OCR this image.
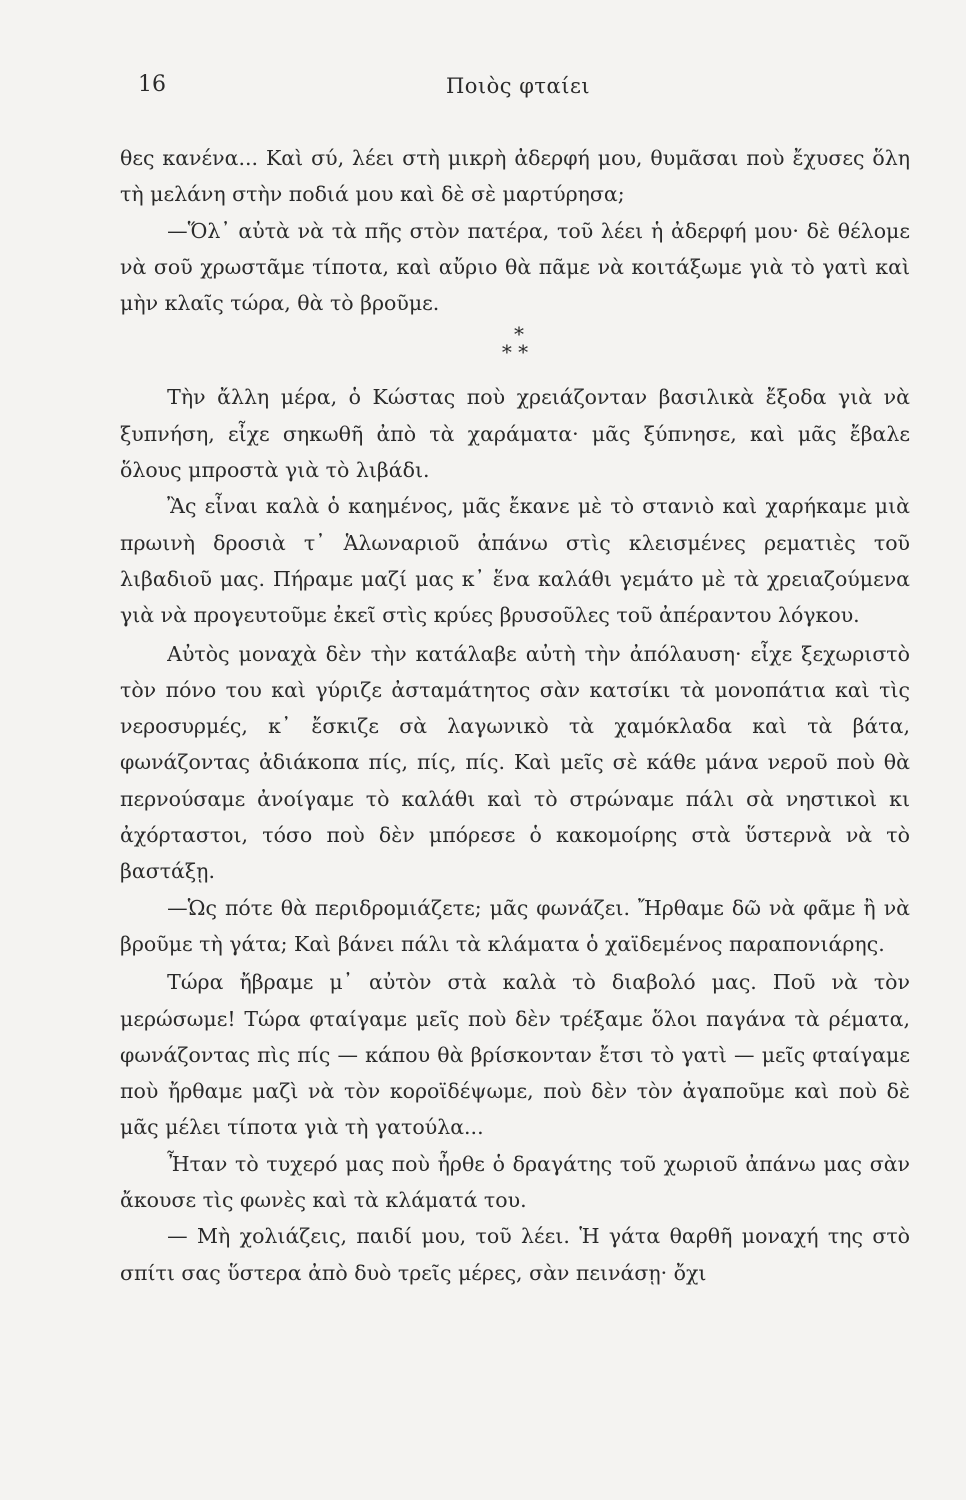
16	Ποιὸς φταίει

θες κανένα... Καὶ σύ, λέει στὴ μικρὴ ἀδερφή μου, θυμᾶσαι ποὺ ἔχυσες ὅλη τὴ μελάνη στὴν ποδιά μου καὶ δὲ σὲ μαρτύρησα;

—Ὅλ᾽ αὐτὰ νὰ τὰ πῆς στὸν πατέρα, τοῦ λέει ἡ ἀδερφή μου· δὲ θέλομε νὰ σοῦ χρωστᾶμε τίποτα, καὶ αὔριο θὰ πᾶμε νὰ κοιτάξωμε γιὰ τὸ γατὶ καὶ μὴν κλαῖς τώρα, θὰ τὸ βροῦμε.

*
* *

Τὴν ἄλλη μέρα, ὁ Κώστας ποὺ χρειάζονταν βασιλικὰ ἔξοδα γιὰ νὰ ξυπνήση, εἶχε σηκωθῆ ἀπὸ τὰ χαράματα· μᾶς ξύπνησε, καὶ μᾶς ἔβαλε ὅλους μπροστὰ γιὰ τὸ λιβάδι.

Ἂς εἶναι καλὰ ὁ καημένος, μᾶς ἔκανε μὲ τὸ στανιὸ καὶ χαρήκαμε μιὰ πρωινὴ δροσιὰ τ᾽ Ἁλωναριοῦ ἀπάνω στὶς κλεισμένες ρεματιὲς τοῦ λιβαδιοῦ μας. Πήραμε μαζί μας κ᾽ ἕνα καλάθι γεμάτο μὲ τὰ χρειαζούμενα γιὰ νὰ προγευτοῦμε ἐκεῖ στὶς κρύες βρυσοῦλες τοῦ ἀπέραντου λόγκου.

Αὐτὸς μοναχὰ δὲν τὴν κατάλαβε αὐτὴ τὴν ἀπόλαυση· εἶχε ξεχωριστὸ τὸν πόνο του καὶ γύριζε ἀσταμάτητος σὰν κατσίκι τὰ μονοπάτια καὶ τὶς νεροσυρμές, κ᾽ ἔσκιζε σὰ λαγωνικὸ τὰ χαμόκλαδα καὶ τὰ βάτα, φωνάζοντας ἀδιάκοπα πίς, πίς, πίς. Καὶ μεῖς σὲ κάθε μάνα νεροῦ ποὺ θὰ περνούσαμε ἀνοίγαμε τὸ καλάθι καὶ τὸ στρώναμε πάλι σὰ νηστικοὶ κι ἀχόρταστοι, τόσο ποὺ δὲν μπόρεσε ὁ κακομοίρης στὰ ὕστερνὰ νὰ τὸ βαστάξῃ.

—Ὡς πότε θὰ περιδρομιάζετε; μᾶς φωνάζει. Ἤρθαμε δῶ νὰ φᾶμε ἢ νὰ βροῦμε τὴ γάτα; Καὶ βάνει πάλι τὰ κλάματα ὁ χαϊδεμένος παραπονιάρης.

Τώρα ἤβραμε μ᾽ αὐτὸν στὰ καλὰ τὸ διαβολό μας. Ποῦ νὰ τὸν μερώσωμε! Τώρα φταίγαμε μεῖς ποὺ δὲν τρέξαμε ὅλοι παγάνα τὰ ρέματα, φωνάζοντας πὶς πίς — κάπου θὰ βρίσκονταν ἔτσι τὸ γατὶ — μεῖς φταίγαμε ποὺ ἤρθαμε μαζὶ νὰ τὸν κοροϊδέψωμε, ποὺ δὲν τὸν ἀγαποῦμε καὶ ποὺ δὲ μᾶς μέλει τίποτα γιὰ τὴ γατούλα...

Ἦταν τὸ τυχερό μας ποὺ ἦρθε ὁ δραγάτης τοῦ χωριοῦ ἀπάνω μας σὰν ἄκουσε τὶς φωνὲς καὶ τὰ κλάματά του.

— Μὴ χολιάζεις, παιδί μου, τοῦ λέει. Ἡ γάτα θαρθῆ μοναχή της στὸ σπίτι σας ὕστερα ἀπὸ δυὸ τρεῖς μέρες, σὰν πεινάσῃ· ὄχι
